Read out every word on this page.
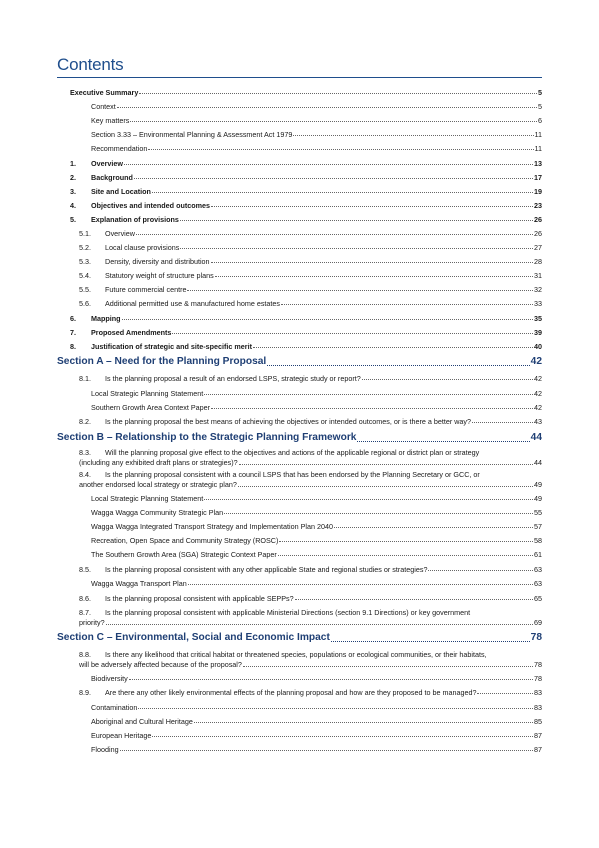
Contents
Executive Summary	5
Context	5
Key matters	6
Section 3.33 – Environmental Planning & Assessment Act 1979	11
Recommendation	11
1.	Overview	13
2.	Background	17
3.	Site and Location	19
4.	Objectives and intended outcomes	23
5.	Explanation of provisions	26
5.1.	Overview	26
5.2.	Local clause provisions	27
5.3.	Density, diversity and distribution	28
5.4.	Statutory weight of structure plans	31
5.5.	Future commercial centre	32
5.6.	Additional permitted use & manufactured home estates	33
6.	Mapping	35
7.	Proposed Amendments	39
8.	Justification of strategic and site-specific merit	40
Section A – Need for the Planning Proposal	42
8.1.	Is the planning proposal a result of an endorsed LSPS, strategic study or report?	42
Local Strategic Planning Statement	42
Southern Growth Area Context Paper	42
8.2.	Is the planning proposal the best means of achieving the objectives or intended outcomes, or is there a better way?	43
Section B – Relationship to the Strategic Planning Framework	44
8.3.	Will the planning proposal give effect to the objectives and actions of the applicable regional or district plan or strategy
(including any exhibited draft plans or strategies)?	44
8.4.	Is the planning proposal consistent with a council LSPS that has been endorsed by the Planning Secretary or GCC, or
another endorsed local strategy or strategic plan?	49
Local Strategic Planning Statement	49
Wagga Wagga Community Strategic Plan	55
Wagga Wagga Integrated Transport Strategy and Implementation Plan 2040	57
Recreation, Open Space and Community Strategy (ROSC)	58
The Southern Growth Area (SGA) Strategic Context Paper	61
8.5.	Is the planning proposal consistent with any other applicable State and regional studies or strategies?	63
Wagga Wagga Transport Plan	63
8.6.	Is the planning proposal consistent with applicable SEPPs?	65
8.7.	Is the planning proposal consistent with applicable Ministerial Directions (section 9.1 Directions) or key government
priority?	69
Section C – Environmental, Social and Economic Impact	78
8.8.	Is there any likelihood that critical habitat or threatened species, populations or ecological communities, or their habitats,
will be adversely affected because of the proposal?	78
Biodiversity	78
8.9.	Are there any other likely environmental effects of the planning proposal and how are they proposed to be managed?	83
Contamination	83
Aboriginal and Cultural Heritage	85
European Heritage	87
Flooding	87
